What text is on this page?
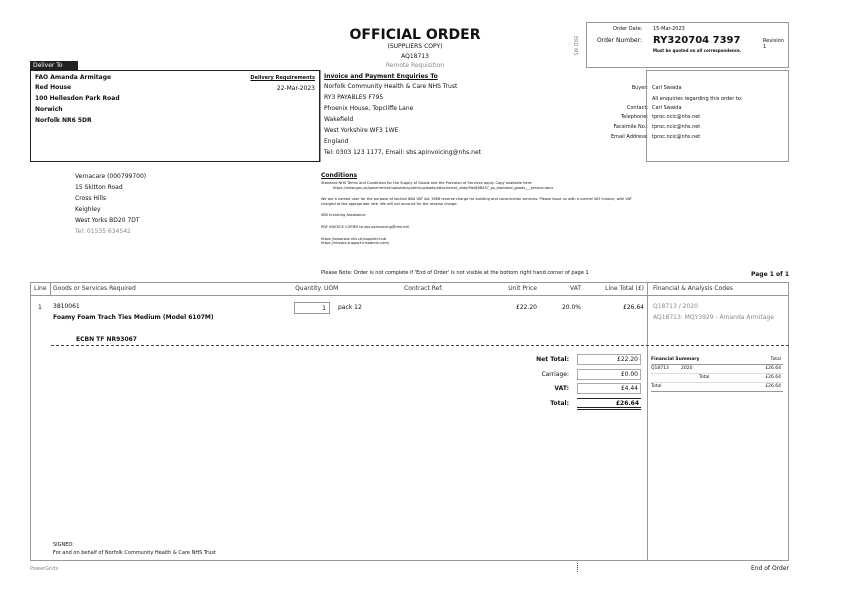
OFFICIAL ORDER
(SUPPLIERS COPY)
AQ18713
Remote Requisition
ERD MS
Order Date: 15-Mar-2023
Order Number: RY320704 7397	Revision 1
Must be quoted on all correspondence.
Deliver To
FAO Amanda Armitage
Red House
100 Hellesdon Park Road
Norwich
Norfolk NR6 5DR
Delivery Requirements
22-Mar-2023
Invoice and Payment Enquiries To
Norfolk Community Health & Care NHS Trust
RY3 PAYABLES F795
Phoenix House, Topcliffe Lane
Wakefield
West Yorkshire WF3 1WE
England
Tel: 0303 123 1177, Email: sbs.apinvoicing@nhs.net
Buyer: Carl Swaida
All enquiries regarding this order to:
Contact: Carl Swaida
Telephone: tproc.ncic@nhs.net
Facsimile No.: tproc.ncic@nhs.net
Email Address: tproc.ncic@nhs.net
Vernacare (000799700)
15 Skitton Road
Cross Hills
Keighley
West Yorks BD20 7DT
Tel: 01535 634542
Conditions
Standard NHS Terms and Conditions for the Supply of Goods and the Provision of Services apply. Copy available here:
https://www.gov.uk/government/uploads/system/uploads/attachment_data/file/888437_ps_standard_goods___service.docx
We are a named user for the purpose of section 88A VAT Act 1988 reverse charge for building and construction services. Please issue us with a normal VAT invoice, with VAT
charged at the appropriate rate. We will not account for the reverse charge.
SBS Invoicing Assistance
PDF INVOICE COPIES to sbs.apinvoicing@nhs.net
https://www.sbs.nhs.uk/supplier-hub
https://nhssbs.support.irisadmin.com/
Please Note: Order is not complete if 'End of Order' is not visible at the bottom right hand corner of page 1	Page 1 of 1
Line Goods or Services Required	Quantity UOM	Contract Ref.	Unit Price	VAT	Line Total (£) Financial & Analysis Codes
1 3810061
Foamy Foam Trach Ties Medium (Model 6107M)
1	pack 12	£22.20	20.0%	£26.64 Q18713 / 2020
AQ18713: MQY3929 - Amanda Armitage
ECBN TF NR93067
Net Total:	£22.20
Carriage:	£0.00
VAT:	£4.44
Total:	£26.64
Financial Summary	Total
Q18713	2020	£26.64
Total	£26.64
Total	£26.64
SIGNED:
For and on behalf of Norfolk Community Health & Care NHS Trust
PowerGrids	End of Order
